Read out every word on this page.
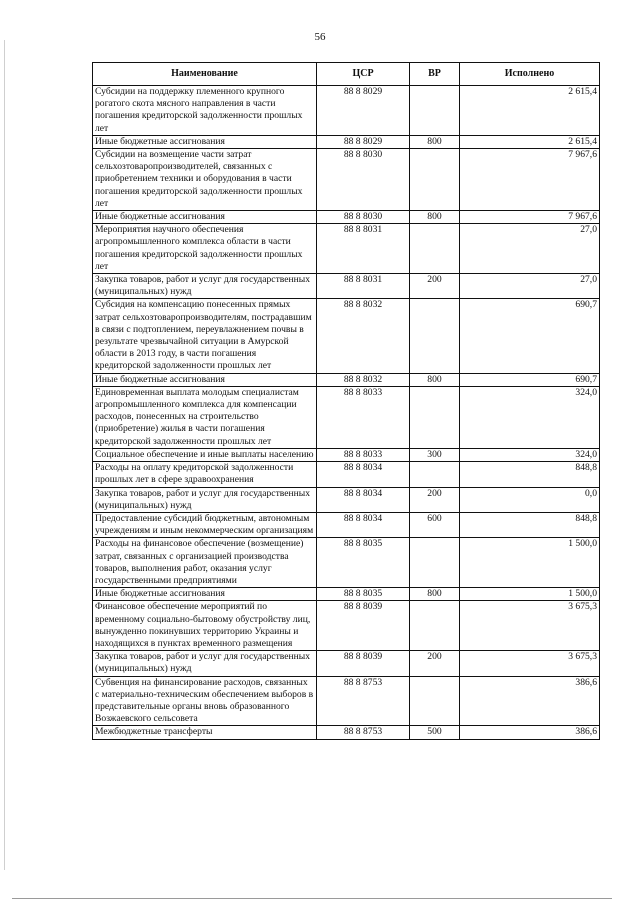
56
Наименование	ЦСР	ВР	Исполнено
Субсидии на поддержку племенного крупного рогатого скота мясного направления в части погашения кредиторской задолженности прошлых лет	88 8 8029		2 615,4
Иные бюджетные ассигнования	88 8 8029	800	2 615,4
Субсидии на возмещение части затрат сельхозтоваропроизводителей, связанных с приобретением техники и оборудования в части погашения кредиторской задолженности прошлых лет	88 8 8030		7 967,6
Иные бюджетные ассигнования	88 8 8030	800	7 967,6
Мероприятия научного обеспечения агропромышленного комплекса области в части погашения кредиторской задолженности прошлых лет	88 8 8031		27,0
Закупка товаров, работ и услуг для государственных (муниципальных) нужд	88 8 8031	200	27,0
Субсидия на компенсацию понесенных прямых затрат сельхозтоваропроизводителям, пострадавшим в связи с подтоплением, переувлажнением почвы в результате чрезвычайной ситуации в Амурской области в 2013 году, в части погашения кредиторской задолженности прошлых лет	88 8 8032		690,7
Иные бюджетные ассигнования	88 8 8032	800	690,7
Единовременная выплата молодым специалистам агропромышленного комплекса для компенсации расходов, понесенных на строительство (приобретение) жилья в части погашения кредиторской задолженности прошлых лет	88 8 8033		324,0
Социальное обеспечение и иные выплаты населению	88 8 8033	300	324,0
Расходы на оплату кредиторской задолженности прошлых лет в сфере здравоохранения	88 8 8034		848,8
Закупка товаров, работ и услуг для государственных (муниципальных) нужд	88 8 8034	200	0,0
Предоставление субсидий бюджетным, автономным учреждениям и иным некоммерческим организациям	88 8 8034	600	848,8
Расходы на финансовое обеспечение (возмещение) затрат, связанных с организацией производства товаров, выполнения работ, оказания услуг государственными предприятиями	88 8 8035		1 500,0
Иные бюджетные ассигнования	88 8 8035	800	1 500,0
Финансовое обеспечение мероприятий по временному социально-бытовому обустройству лиц, вынужденно покинувших территорию Украины и находящихся в пунктах временного размещения	88 8 8039		3 675,3
Закупка товаров, работ и услуг для государственных (муниципальных) нужд	88 8 8039	200	3 675,3
Субвенция на финансирование расходов, связанных с материально-техническим обеспечением выборов в представительные органы вновь образованного Возжаевского сельсовета	88 8 8753		386,6
Межбюджетные трансферты	88 8 8753	500	386,6
